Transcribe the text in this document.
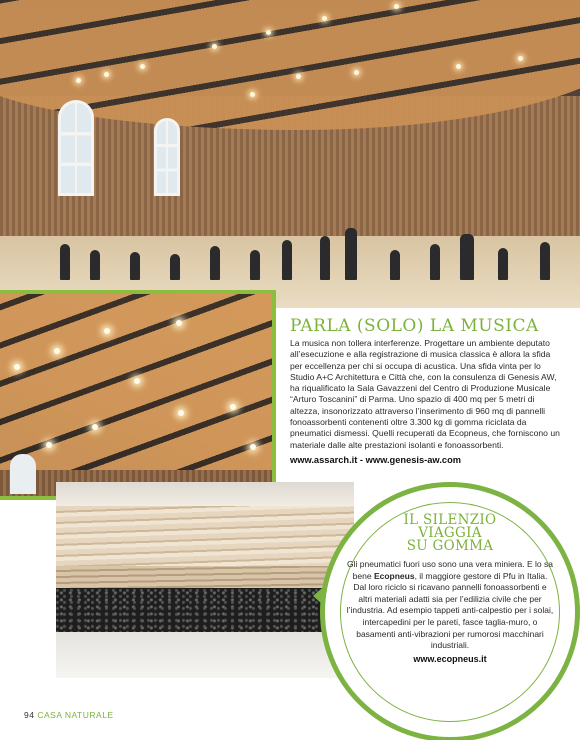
PARLA (SOLO) LA MUSICA

La musica non tollera interferenze. Progettare un ambiente deputato all’esecuzione e alla registrazione di musica classica è allora la sfida per eccellenza per chi si occupa di acustica. Una sfida vinta per lo Studio A+C Architettura e Città che, con la consulenza di Genesis AW, ha riqualificato la Sala Gavazzeni del Centro di Produzione Musicale “Arturo Toscanini” di Parma. Uno spazio di 400 mq per 5 metri di altezza, insonorizzato attraverso l’inserimento di 960 mq di pannelli fonoassorbenti contenenti oltre 3.300 kg di gomma riciclata da pneumatici dismessi. Quelli recuperati da Ecopneus, che forniscono un materiale dalle alte prestazioni isolanti e fonoassorbenti.

www.assarch.it - www.genesis-aw.com
IL SILENZIO
VIAGGIA
SU GOMMA

Gli pneumatici fuori uso sono una vera miniera. E lo sa bene Ecopneus, il maggiore gestore di Pfu in Italia. Dal loro riciclo si ricavano pannelli fonoassorbenti e altri materiali adatti sia per l’edilizia civile che per l’industria. Ad esempio tappeti anti-calpestio per i solai, intercapedini per le pareti, fasce taglia-muro, o basamenti anti-vibrazioni per rumorosi macchinari industriali.

www.ecopneus.it
94 CASA NATURALE
